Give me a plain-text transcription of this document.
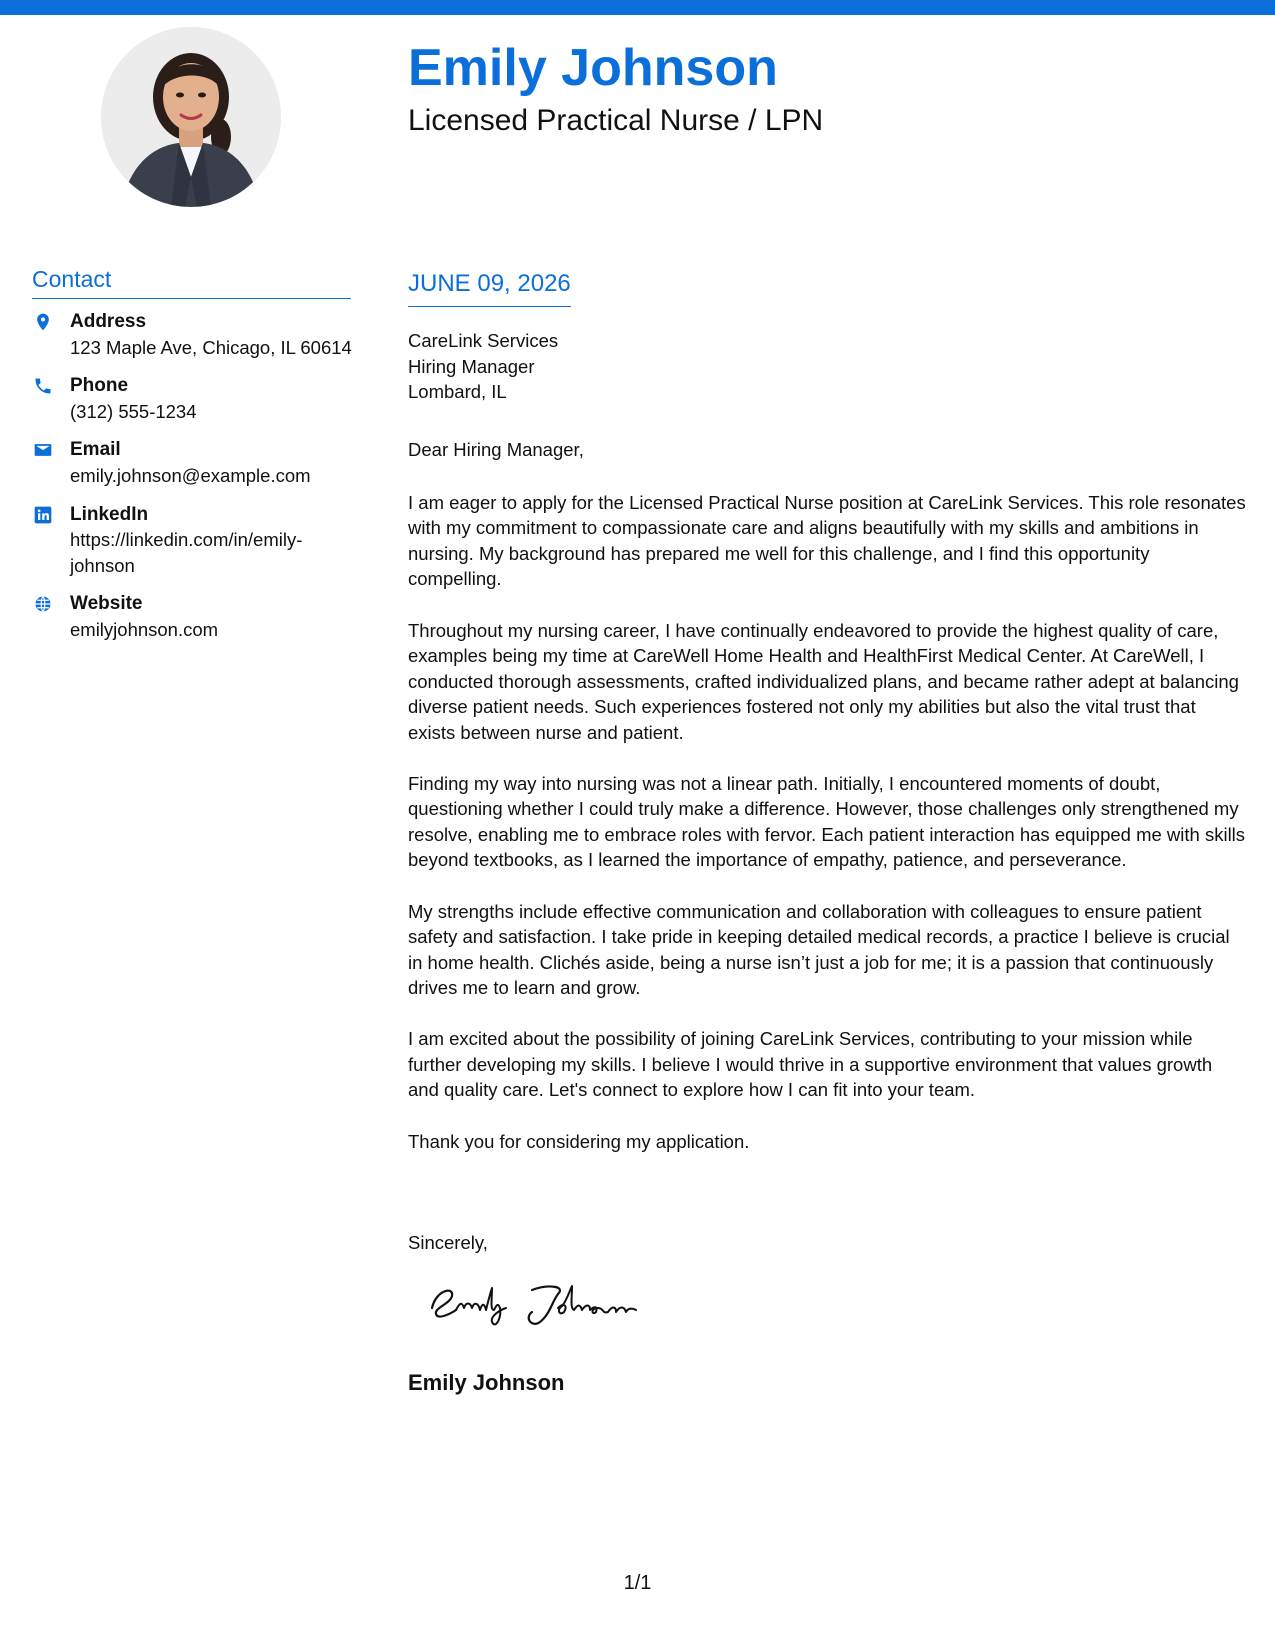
Emily Johnson
Licensed Practical Nurse / LPN
Contact
Address
123 Maple Ave, Chicago, IL 60614
Phone
(312) 555-1234
Email
emily.johnson@example.com
LinkedIn
https://linkedin.com/in/emily-johnson
Website
emilyjohnson.com
JUNE 09, 2026
CareLink Services
Hiring Manager
Lombard, IL
Dear Hiring Manager,

I am eager to apply for the Licensed Practical Nurse position at CareLink Services. This role resonates with my commitment to compassionate care and aligns beautifully with my skills and ambitions in nursing. My background has prepared me well for this challenge, and I find this opportunity compelling.

Throughout my nursing career, I have continually endeavored to provide the highest quality of care, examples being my time at CareWell Home Health and HealthFirst Medical Center. At CareWell, I conducted thorough assessments, crafted individualized plans, and became rather adept at balancing diverse patient needs. Such experiences fostered not only my abilities but also the vital trust that exists between nurse and patient.

Finding my way into nursing was not a linear path. Initially, I encountered moments of doubt, questioning whether I could truly make a difference. However, those challenges only strengthened my resolve, enabling me to embrace roles with fervor. Each patient interaction has equipped me with skills beyond textbooks, as I learned the importance of empathy, patience, and perseverance.

My strengths include effective communication and collaboration with colleagues to ensure patient safety and satisfaction. I take pride in keeping detailed medical records, a practice I believe is crucial in home health. Clichés aside, being a nurse isn’t just a job for me; it is a passion that continuously drives me to learn and grow.

I am excited about the possibility of joining CareLink Services, contributing to your mission while further developing my skills. I believe I would thrive in a supportive environment that values growth and quality care. Let's connect to explore how I can fit into your team.

Thank you for considering my application.

Sincerely,
Emily Johnson
1/1
